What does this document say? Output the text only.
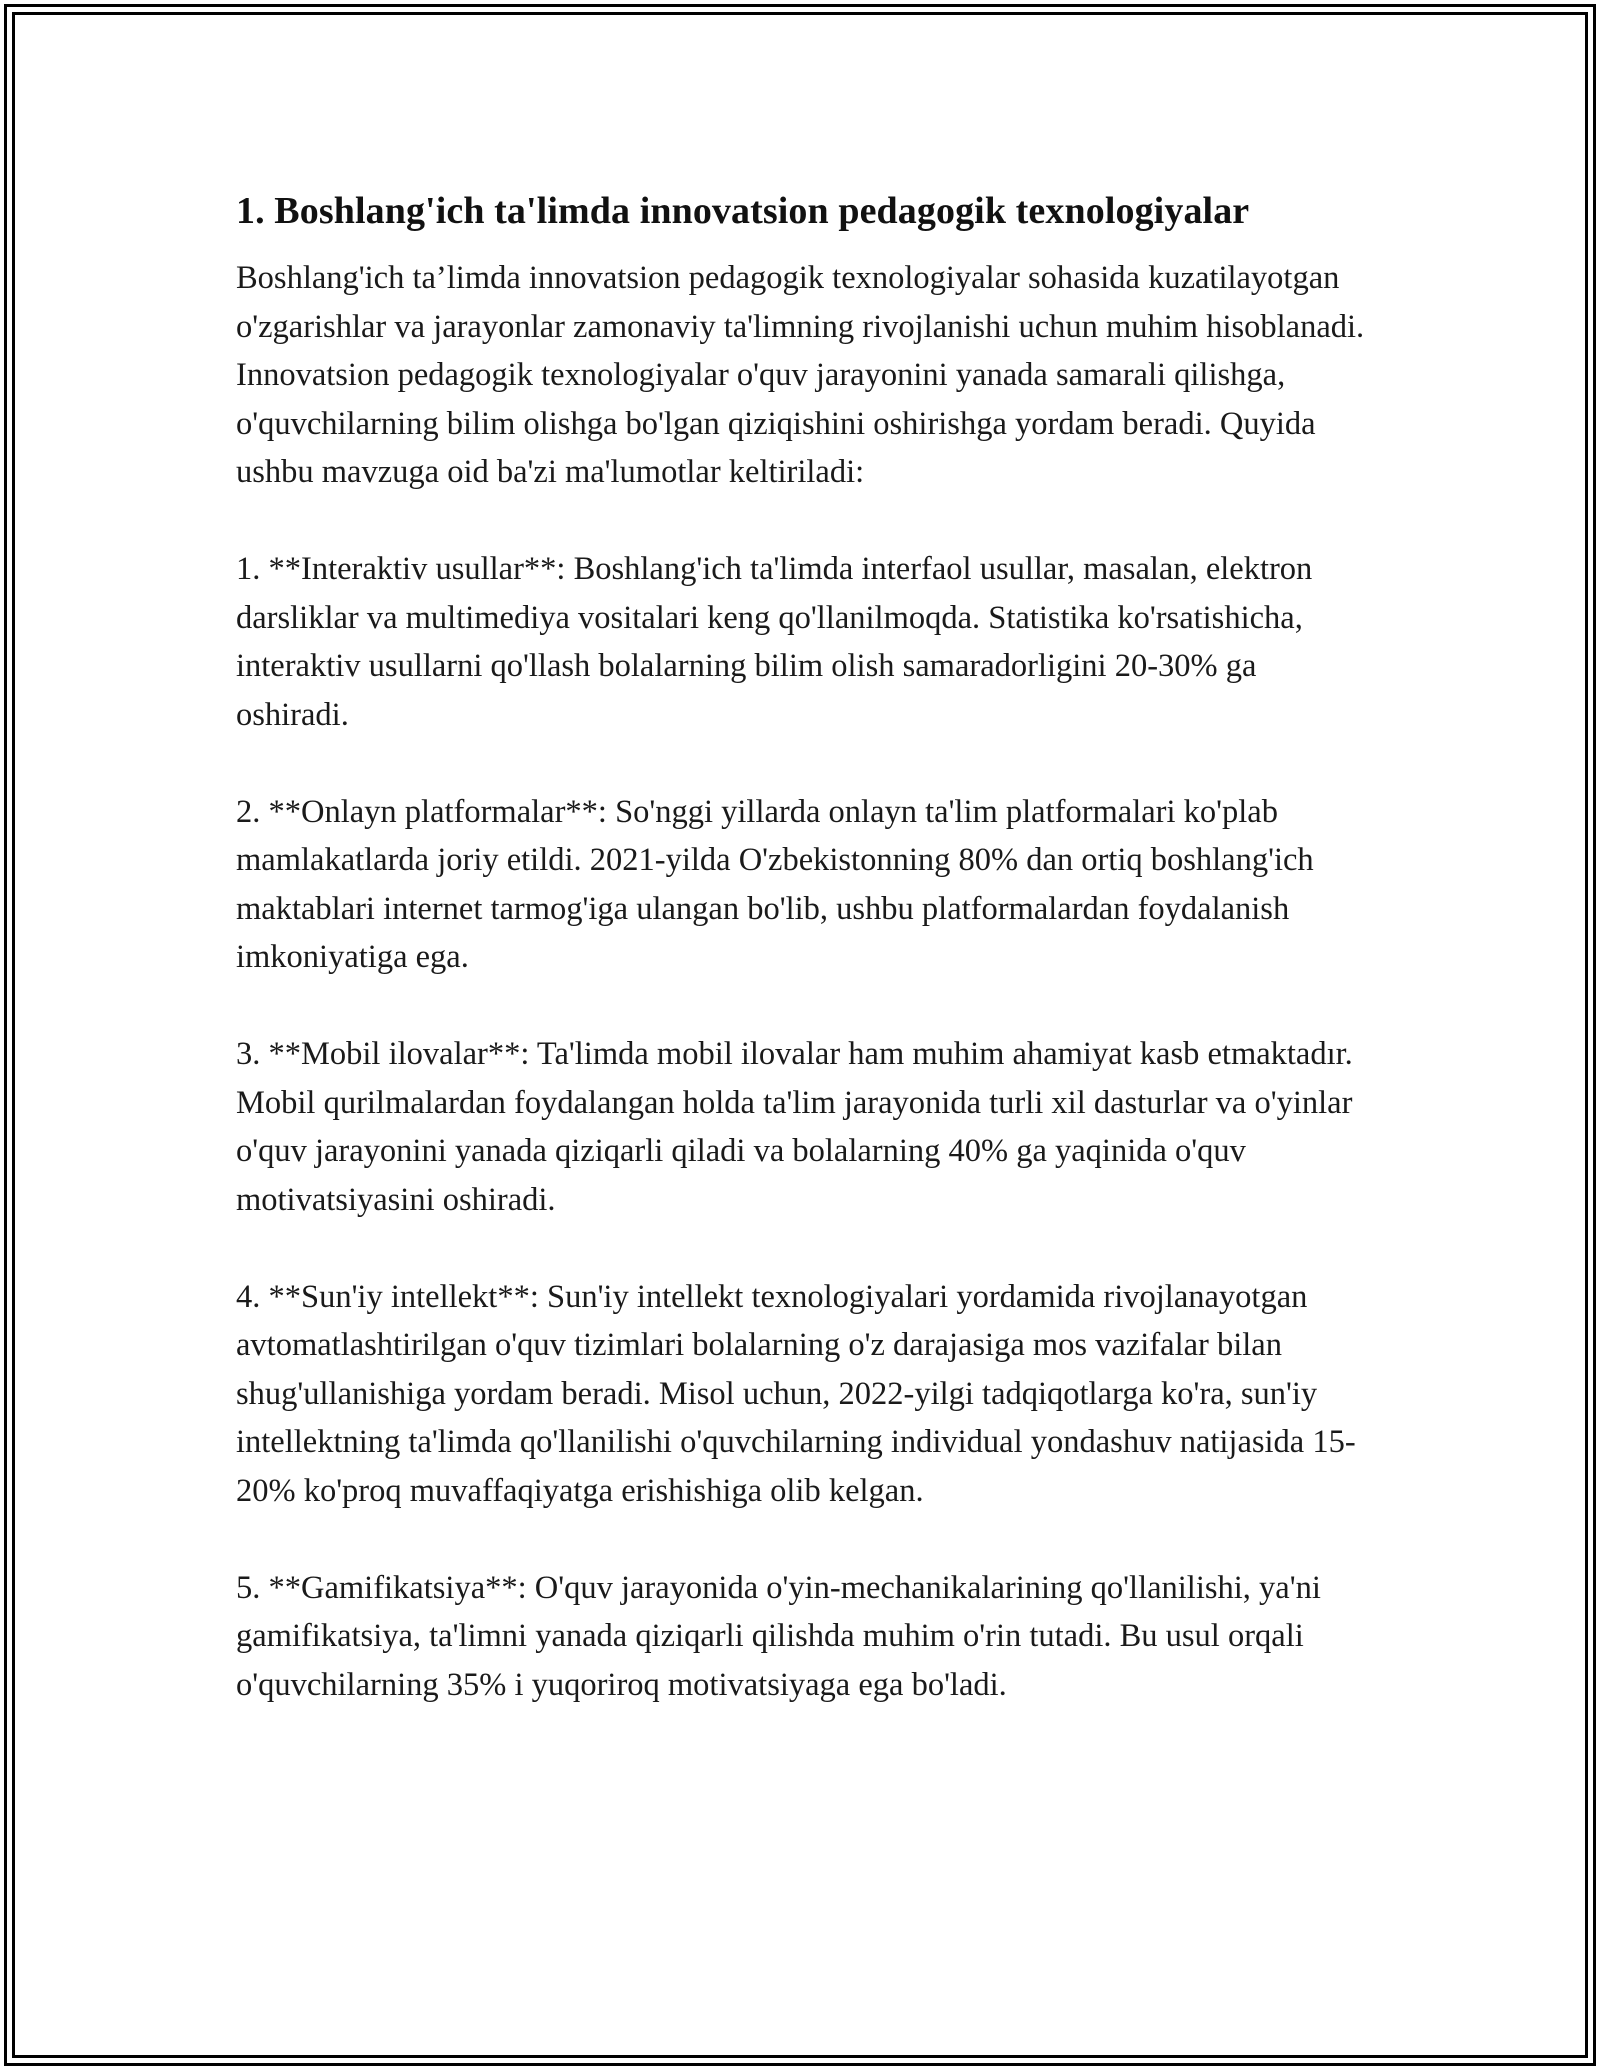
1. Boshlang'ich ta'limda innovatsion pedagogik texnologiyalar

Boshlang'ich ta’limda innovatsion pedagogik texnologiyalar sohasida kuzatilayotgan o'zgarishlar va jarayonlar zamonaviy ta'limning rivojlanishi uchun muhim hisoblanadi. Innovatsion pedagogik texnologiyalar o'quv jarayonini yanada samarali qilishga, o'quvchilarning bilim olishga bo'lgan qiziqishini oshirishga yordam beradi. Quyida ushbu mavzuga oid ba'zi ma'lumotlar keltiriladi:

1. **Interaktiv usullar**: Boshlang'ich ta'limda interfaol usullar, masalan, elektron darsliklar va multimediya vositalari keng qo'llanilmoqda. Statistika ko'rsatishicha, interaktiv usullarni qo'llash bolalarning bilim olish samaradorligini 20-30% ga oshiradi.

2. **Onlayn platformalar**: So'nggi yillarda onlayn ta'lim platformalari ko'plab mamlakatlarda joriy etildi. 2021-yilda O'zbekistonning 80% dan ortiq boshlang'ich maktablari internet tarmog'iga ulangan bo'lib, ushbu platformalardan foydalanish imkoniyatiga ega.

3. **Mobil ilovalar**: Ta'limda mobil ilovalar ham muhim ahamiyat kasb etmaktadır. Mobil qurilmalardan foydalangan holda ta'lim jarayonida turli xil dasturlar va o'yinlar o'quv jarayonini yanada qiziqarli qiladi va bolalarning 40% ga yaqinida o'quv motivatsiyasini oshiradi.

4. **Sun'iy intellekt**: Sun'iy intellekt texnologiyalari yordamida rivojlanayotgan avtomatlashtirilgan o'quv tizimlari bolalarning o'z darajasiga mos vazifalar bilan shug'ullanishiga yordam beradi. Misol uchun, 2022-yilgi tadqiqotlarga ko'ra, sun'iy intellektning ta'limda qo'llanilishi o'quvchilarning individual yondashuv natijasida 15-20% ko'proq muvaffaqiyatga erishishiga olib kelgan.

5. **Gamifikatsiya**: O'quv jarayonida o'yin-mechanikalarining qo'llanilishi, ya'ni gamifikatsiya, ta'limni yanada qiziqarli qilishda muhim o'rin tutadi. Bu usul orqali o'quvchilarning 35% i yuqoriroq motivatsiyaga ega bo'ladi.
